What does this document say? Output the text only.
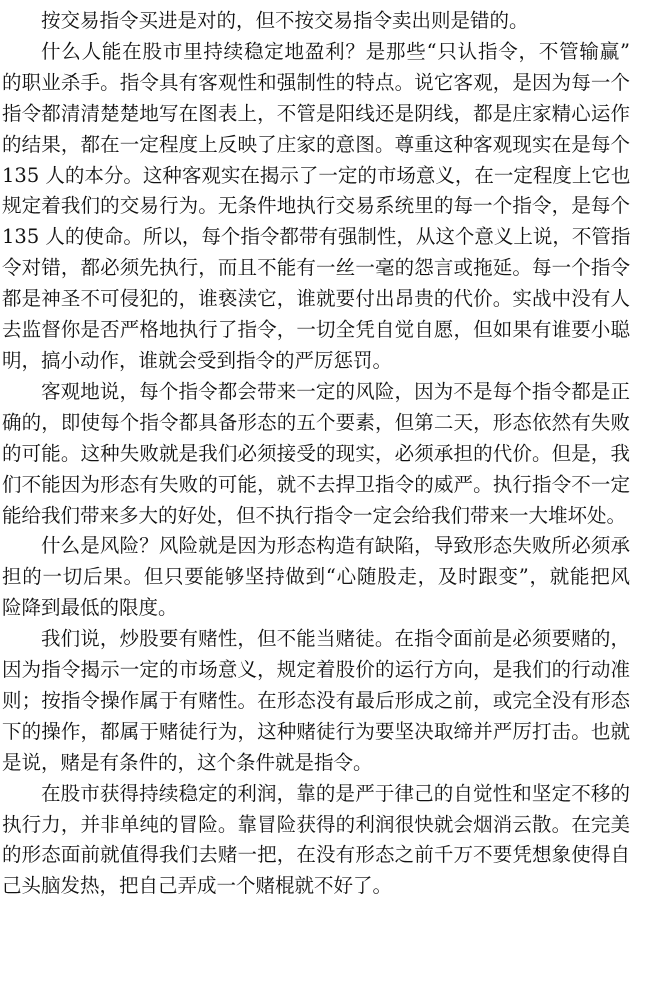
按交易指令买进是对的，但不按交易指令卖出则是错的。

什么人能在股市里持续稳定地盈利？是那些“只认指令，不管输赢”
的职业杀手。指令具有客观性和强制性的特点。说它客观，是因为每一个
指令都清清楚楚地写在图表上，不管是阳线还是阴线，都是庄家精心运作
的结果，都在一定程度上反映了庄家的意图。尊重这种客观现实在是每个
135 人的本分。这种客观实在揭示了一定的市场意义，在一定程度上它也
规定着我们的交易行为。无条件地执行交易系统里的每一个指令，是每个
135 人的使命。所以，每个指令都带有强制性，从这个意义上说，不管指
令对错，都必须先执行，而且不能有一丝一毫的怨言或拖延。每一个指令
都是神圣不可侵犯的，谁亵渎它，谁就要付出昂贵的代价。实战中没有人
去监督你是否严格地执行了指令，一切全凭自觉自愿，但如果有谁要小聪
明，搞小动作，谁就会受到指令的严厉惩罚。

客观地说，每个指令都会带来一定的风险，因为不是每个指令都是正
确的，即使每个指令都具备形态的五个要素，但第二天，形态依然有失败
的可能。这种失败就是我们必须接受的现实，必须承担的代价。但是，我
们不能因为形态有失败的可能，就不去捍卫指令的威严。执行指令不一定
能给我们带来多大的好处，但不执行指令一定会给我们带来一大堆坏处。

什么是风险？风险就是因为形态构造有缺陷，导致形态失败所必须承
担的一切后果。但只要能够坚持做到“心随股走，及时跟变”，就能把风
险降到最低的限度。

我们说，炒股要有赌性，但不能当赌徒。在指令面前是必须要赌的，
因为指令揭示一定的市场意义，规定着股价的运行方向，是我们的行动准
则；按指令操作属于有赌性。在形态没有最后形成之前，或完全没有形态
下的操作，都属于赌徒行为，这种赌徒行为要坚决取缔并严厉打击。也就
是说，赌是有条件的，这个条件就是指令。

在股市获得持续稳定的利润，靠的是严于律己的自觉性和坚定不移的
执行力，并非单纯的冒险。靠冒险获得的利润很快就会烟消云散。在完美
的形态面前就值得我们去赌一把，在没有形态之前千万不要凭想象使得自
己头脑发热，把自己弄成一个赌棍就不好了。
